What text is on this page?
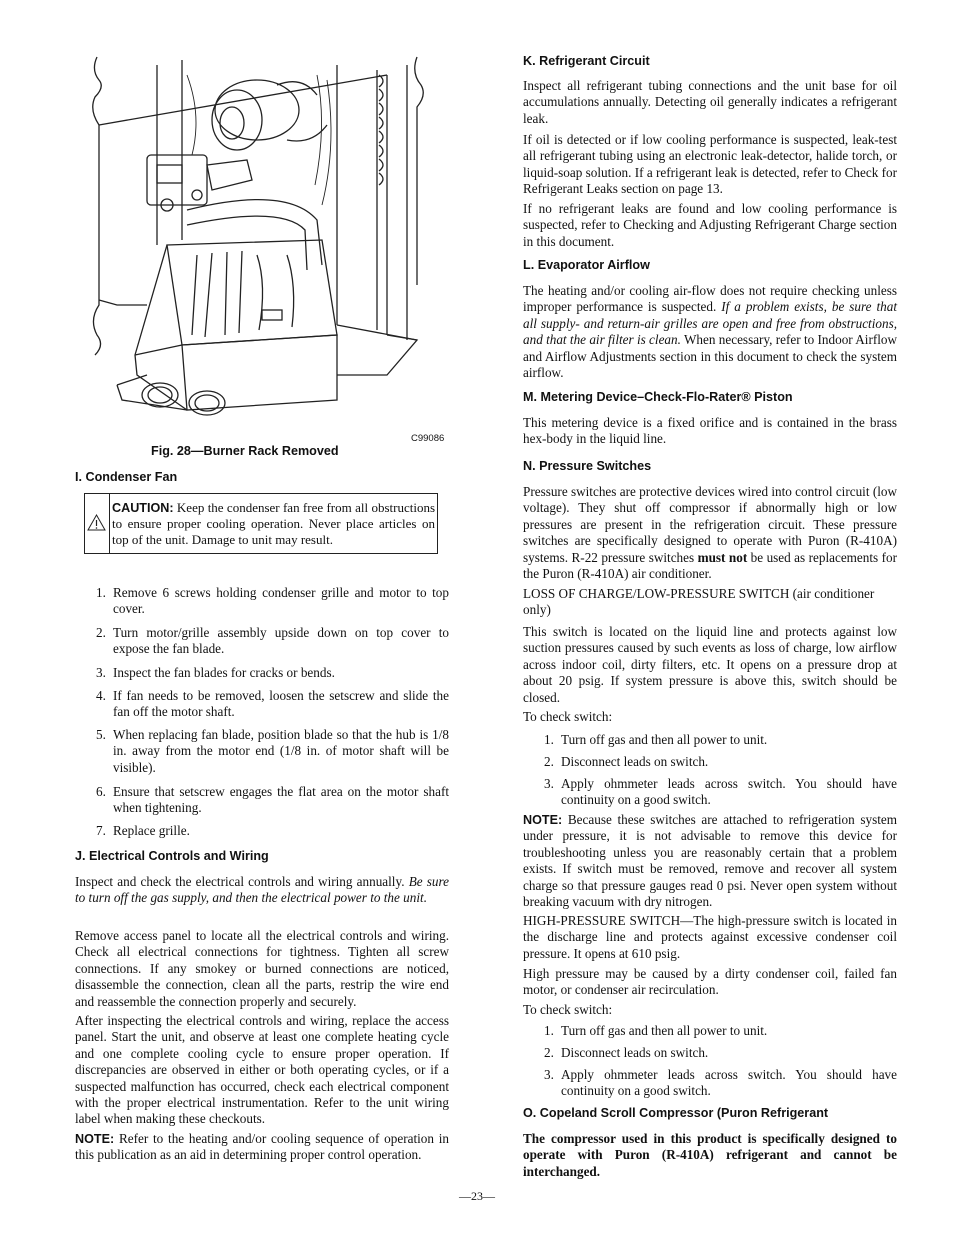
C99086
Fig. 28—Burner Rack Removed
I. Condenser Fan
CAUTION: Keep the condenser fan free from all obstructions to ensure proper cooling operation. Never place articles on top of the unit. Damage to unit may result.
1. Remove 6 screws holding condenser grille and motor to top cover.
2. Turn motor/grille assembly upside down on top cover to expose the fan blade.
3. Inspect the fan blades for cracks or bends.
4. If fan needs to be removed, loosen the setscrew and slide the fan off the motor shaft.
5. When replacing fan blade, position blade so that the hub is 1/8 in. away from the motor end (1/8 in. of motor shaft will be visible).
6. Ensure that setscrew engages the flat area on the motor shaft when tightening.
7. Replace grille.
J. Electrical Controls and Wiring
Inspect and check the electrical controls and wiring annually. Be sure to turn off the gas supply, and then the electrical power to the unit.
Remove access panel to locate all the electrical controls and wiring. Check all electrical connections for tightness. Tighten all screw connections. If any smokey or burned connections are noticed, disassemble the connection, clean all the parts, restrip the wire end and reassemble the connection properly and securely.
After inspecting the electrical controls and wiring, replace the access panel. Start the unit, and observe at least one complete heating cycle and one complete cooling cycle to ensure proper operation. If discrepancies are observed in either or both operating cycles, or if a suspected malfunction has occurred, check each electrical component with the proper electrical instrumentation. Refer to the unit wiring label when making these checkouts.
NOTE: Refer to the heating and/or cooling sequence of operation in this publication as an aid in determining proper control operation.
K. Refrigerant Circuit
Inspect all refrigerant tubing connections and the unit base for oil accumulations annually. Detecting oil generally indicates a refrigerant leak.
If oil is detected or if low cooling performance is suspected, leak-test all refrigerant tubing using an electronic leak-detector, halide torch, or liquid-soap solution. If a refrigerant leak is detected, refer to Check for Refrigerant Leaks section on page 13.
If no refrigerant leaks are found and low cooling performance is suspected, refer to Checking and Adjusting Refrigerant Charge section in this document.
L. Evaporator Airflow
The heating and/or cooling air-flow does not require checking unless improper performance is suspected. If a problem exists, be sure that all supply- and return-air grilles are open and free from obstructions, and that the air filter is clean. When necessary, refer to Indoor Airflow and Airflow Adjustments section in this document to check the system airflow.
M. Metering Device–Check-Flo-Rater® Piston
This metering device is a fixed orifice and is contained in the brass hex-body in the liquid line.
N. Pressure Switches
Pressure switches are protective devices wired into control circuit (low voltage). They shut off compressor if abnormally high or low pressures are present in the refrigeration circuit. These pressure switches are specifically designed to operate with Puron (R-410A) systems. R-22 pressure switches must not be used as replacements for the Puron (R-410A) air conditioner.
LOSS OF CHARGE/LOW-PRESSURE SWITCH (air conditioner only)
This switch is located on the liquid line and protects against low suction pressures caused by such events as loss of charge, low airflow across indoor coil, dirty filters, etc. It opens on a pressure drop at about 20 psig. If system pressure is above this, switch should be closed.
To check switch:
1. Turn off gas and then all power to unit.
2. Disconnect leads on switch.
3. Apply ohmmeter leads across switch. You should have continuity on a good switch.
NOTE: Because these switches are attached to refrigeration system under pressure, it is not advisable to remove this device for troubleshooting unless you are reasonably certain that a problem exists. If switch must be removed, remove and recover all system charge so that pressure gauges read 0 psi. Never open system without breaking vacuum with dry nitrogen.
HIGH-PRESSURE SWITCH—The high-pressure switch is located in the discharge line and protects against excessive condenser coil pressure. It opens at 610 psig.
High pressure may be caused by a dirty condenser coil, failed fan motor, or condenser air recirculation.
To check switch:
1. Turn off gas and then all power to unit.
2. Disconnect leads on switch.
3. Apply ohmmeter leads across switch. You should have continuity on a good switch.
O. Copeland Scroll Compressor (Puron Refrigerant
The compressor used in this product is specifically designed to operate with Puron (R-410A) refrigerant and cannot be interchanged.
—23—
